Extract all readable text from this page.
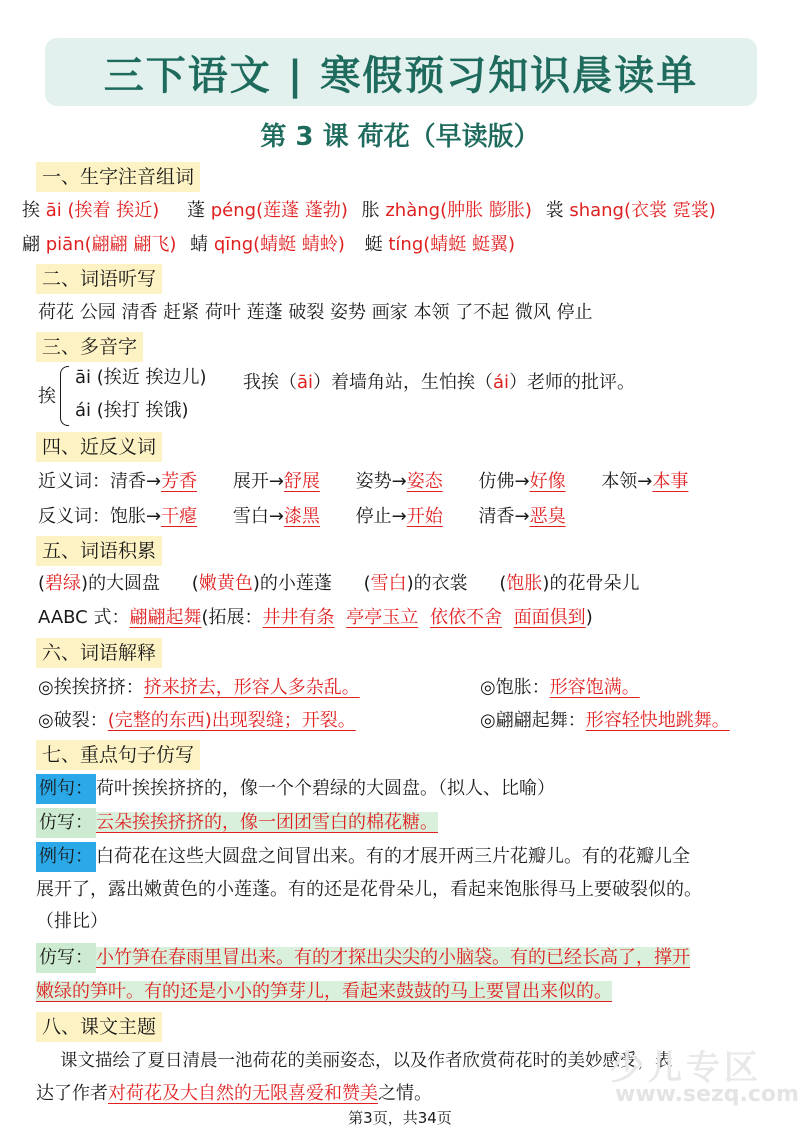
三下语文 | 寒假预习知识晨读单
第 3 课 荷花（早读版）
一、生字注音组词
挨 āi (挨着 挨近) 蓬 péng(莲蓬 蓬勃) 胀 zhàng(肿胀 膨胀) 裳 shang(衣裳 霓裳)
翩 piān(翩翩 翩飞) 蜻 qīng(蜻蜓 蜻蛉) 蜓 tíng(蜻蜓 蜓翼)
二、词语听写
荷花 公园 清香 赶紧 荷叶 莲蓬 破裂 姿势 画家 本领 了不起 微风 停止
三、多音字
挨
āi (挨近 挨边儿)
ái (挨打 挨饿)
我挨（āi）着墙角站，生怕挨（ái）老师的批评。
四、近反义词
近义词：清香→芳香 展开→舒展 姿势→姿态 仿佛→好像 本领→本事
反义词：饱胀→干瘪 雪白→漆黑 停止→开始 清香→恶臭
五、词语积累
(碧绿)的大圆盘 (嫩黄色)的小莲蓬 (雪白)的衣裳 (饱胀)的花骨朵儿
AABC 式：翩翩起舞(拓展：井井有条 亭亭玉立 依依不舍 面面俱到)
六、词语解释
◎挨挨挤挤：挤来挤去，形容人多杂乱。	◎饱胀：形容饱满。
◎破裂：(完整的东西)出现裂缝；开裂。	◎翩翩起舞：形容轻快地跳舞。
七、重点句子仿写
例句： 荷叶挨挨挤挤的，像一个个碧绿的大圆盘。（拟人、比喻）
仿写： 云朵挨挨挤挤的，像一团团雪白的棉花糖。
例句： 白荷花在这些大圆盘之间冒出来。有的才展开两三片花瓣儿。有的花瓣儿全
展开了，露出嫩黄色的小莲蓬。有的还是花骨朵儿，看起来饱胀得马上要破裂似的。
（排比）
仿写： 小竹笋在春雨里冒出来。有的才探出尖尖的小脑袋。有的已经长高了，撑开
嫩绿的笋叶。有的还是小小的笋芽儿，看起来鼓鼓的马上要冒出来似的。
八、课文主题
课文描绘了夏日清晨一池荷花的美丽姿态，以及作者欣赏荷花时的美妙感受，表
达了作者对荷花及大自然的无限喜爱和赞美之情。
少儿专区
www.sezq.com
第3页，共34页
